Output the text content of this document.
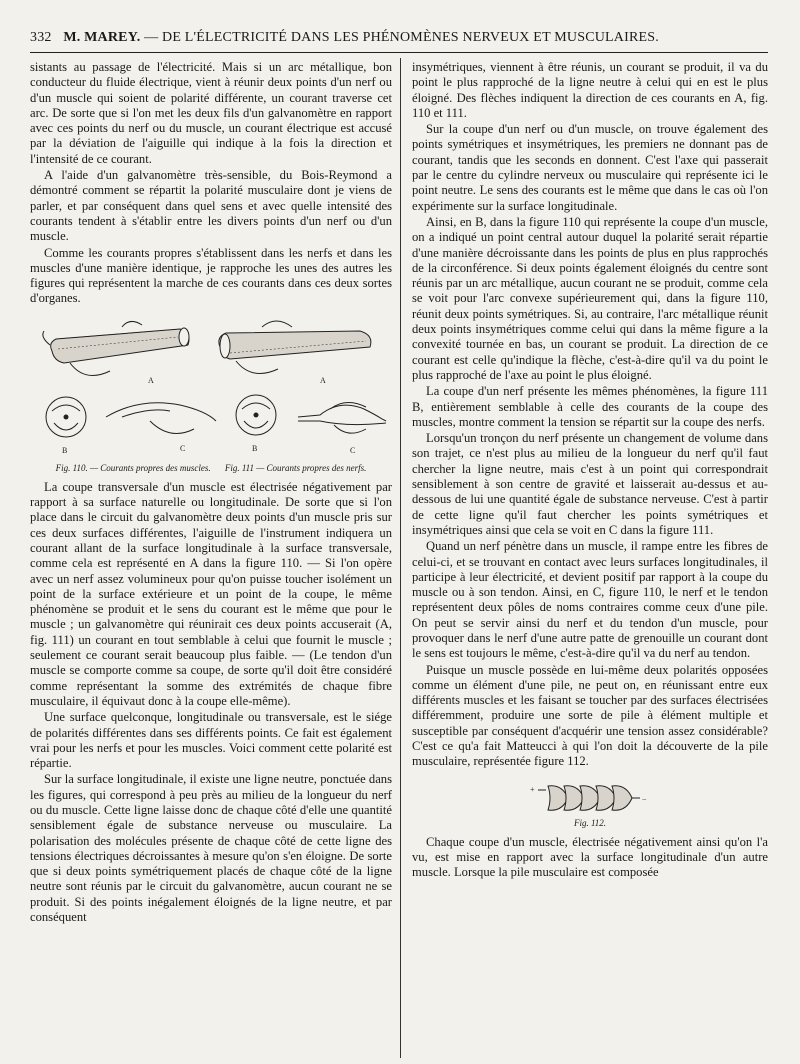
332 M. MAREY. — DE L'ÉLECTRICITÉ DANS LES PHÉNOMÈNES NERVEUX ET MUSCULAIRES.

sistants au passage de l'électricité. Mais si un arc métallique, bon conducteur du fluide électrique, vient à réunir deux points d'un nerf ou d'un muscle qui soient de polarité différente, un courant traverse cet arc. De sorte que si l'on met les deux fils d'un galvanomètre en rapport avec ces points du nerf ou du muscle, un courant électrique est accusé par la déviation de l'aiguille qui indique à la fois la direction et l'intensité de ce courant.

A l'aide d'un galvanomètre très-sensible, du Bois-Reymond a démontré comment se répartit la polarité musculaire dont je viens de parler, et par conséquent dans quel sens et avec quelle intensité des courants tendent à s'établir entre les divers points d'un nerf ou d'un muscle.

Comme les courants propres s'établissent dans les nerfs et dans les muscles d'une manière identique, je rapproche les unes des autres les figures qui représentent la marche de ces courants dans ces deux sortes d'organes.

A	A
B	C	B	C
Fig. 110. — Courants propres des muscles. Fig. 111 — Courants propres des nerfs.

La coupe transversale d'un muscle est électrisée négativement par rapport à sa surface naturelle ou longitudinale. De sorte que si l'on place dans le circuit du galvanomètre deux points d'un muscle pris sur ces deux surfaces différentes, l'aiguille de l'instrument indiquera un courant allant de la surface longitudinale à la surface transversale, comme cela est représenté en A dans la figure 110. — Si l'on opère avec un nerf assez volumineux pour qu'on puisse toucher isolément un point de la surface extérieure et un point de la coupe, le même phénomène se produit et le sens du courant est le même que pour le muscle ; un galvanomètre qui réunirait ces deux points accuserait (A, fig. 111) un courant en tout semblable à celui que fournit le muscle ; seulement ce courant serait beaucoup plus faible. — (Le tendon d'un muscle se comporte comme sa coupe, de sorte qu'il doit être considéré comme représentant la somme des extrémités de chaque fibre musculaire, il équivaut donc à la coupe elle-même).

Une surface quelconque, longitudinale ou transversale, est le siége de polarités différentes dans ses différents points. Ce fait est également vrai pour les nerfs et pour les muscles. Voici comment cette polarité est répartie.

Sur la surface longitudinale, il existe une ligne neutre, ponctuée dans les figures, qui correspond à peu près au milieu de la longueur du nerf ou du muscle. Cette ligne laisse donc de chaque côté d'elle une quantité sensiblement égale de substance nerveuse ou musculaire. La polarisation des molécules présente de chaque côté de cette ligne des tensions électriques décroissantes à mesure qu'on s'en éloigne. De sorte que si deux points symétriquement placés de chaque côté de la ligne neutre sont réunis par le circuit du galvanomètre, aucun courant ne se produit. Si des points inégalement éloignés de la ligne neutre, et par conséquent

insymétriques, viennent à être réunis, un courant se produit, il va du point le plus rapproché de la ligne neutre à celui qui en est le plus éloigné. Des flèches indiquent la direction de ces courants en A, fig. 110 et 111.

Sur la coupe d'un nerf ou d'un muscle, on trouve également des points symétriques et insymétriques, les premiers ne donnant pas de courant, tandis que les seconds en donnent. C'est l'axe qui passerait par le centre du cylindre nerveux ou musculaire qui représente ici le point neutre. Le sens des courants est le même que dans le cas où l'on expérimente sur la surface longitudinale.

Ainsi, en B, dans la figure 110 qui représente la coupe d'un muscle, on a indiqué un point central autour duquel la polarité serait répartie d'une manière décroissante dans les points de plus en plus rapprochés de la circonférence. Si deux points également éloignés du centre sont réunis par un arc métallique, aucun courant ne se produit, comme cela se voit pour l'arc convexe supérieurement qui, dans la figure 110, réunit deux points symétriques. Si, au contraire, l'arc métallique réunit deux points insymétriques comme celui qui dans la même figure a la convexité tournée en bas, un courant se produit. La direction de ce courant est celle qu'indique la flèche, c'est-à-dire qu'il va du point le plus rapproché de l'axe au point le plus éloigné.

La coupe d'un nerf présente les mêmes phénomènes, la figure 111 B, entièrement semblable à celle des courants de la coupe des muscles, montre comment la tension se répartit sur la coupe des nerfs.

Lorsqu'un tronçon du nerf présente un changement de volume dans son trajet, ce n'est plus au milieu de la longueur du nerf qu'il faut chercher la ligne neutre, mais c'est à un point qui correspondrait sensiblement à son centre de gravité et laisserait au-dessus et au-dessous de lui une quantité égale de substance nerveuse. C'est à partir de cette ligne qu'il faut chercher les points symétriques et insymétriques ainsi que cela se voit en C dans la figure 111.

Quand un nerf pénètre dans un muscle, il rampe entre les fibres de celui-ci, et se trouvant en contact avec leurs surfaces longitudinales, il participe à leur électricité, et devient positif par rapport à la coupe du muscle ou à son tendon. Ainsi, en C, figure 110, le nerf et le tendon représentent deux pôles de noms contraires comme ceux d'une pile. On peut se servir ainsi du nerf et du tendon d'un muscle, pour provoquer dans le nerf d'une autre patte de grenouille un courant dont le sens est toujours le même, c'est-à-dire qu'il va du nerf au tendon.

Puisque un muscle possède en lui-même deux polarités opposées comme un élément d'une pile, ne peut on, en réunissant entre eux différents muscles et les faisant se toucher par des surfaces électrisées différemment, produire une sorte de pile à élément multiple et susceptible par conséquent d'acquérir une tension assez considérable? C'est ce qu'a fait Matteucci à qui l'on doit la découverte de la pile musculaire, représentée figure 112.

+
−
Fig. 112.

Chaque coupe d'un muscle, électrisée négativement ainsi qu'on l'a vu, est mise en rapport avec la surface longitudinale d'un autre muscle. Lorsque la pile musculaire est composée
